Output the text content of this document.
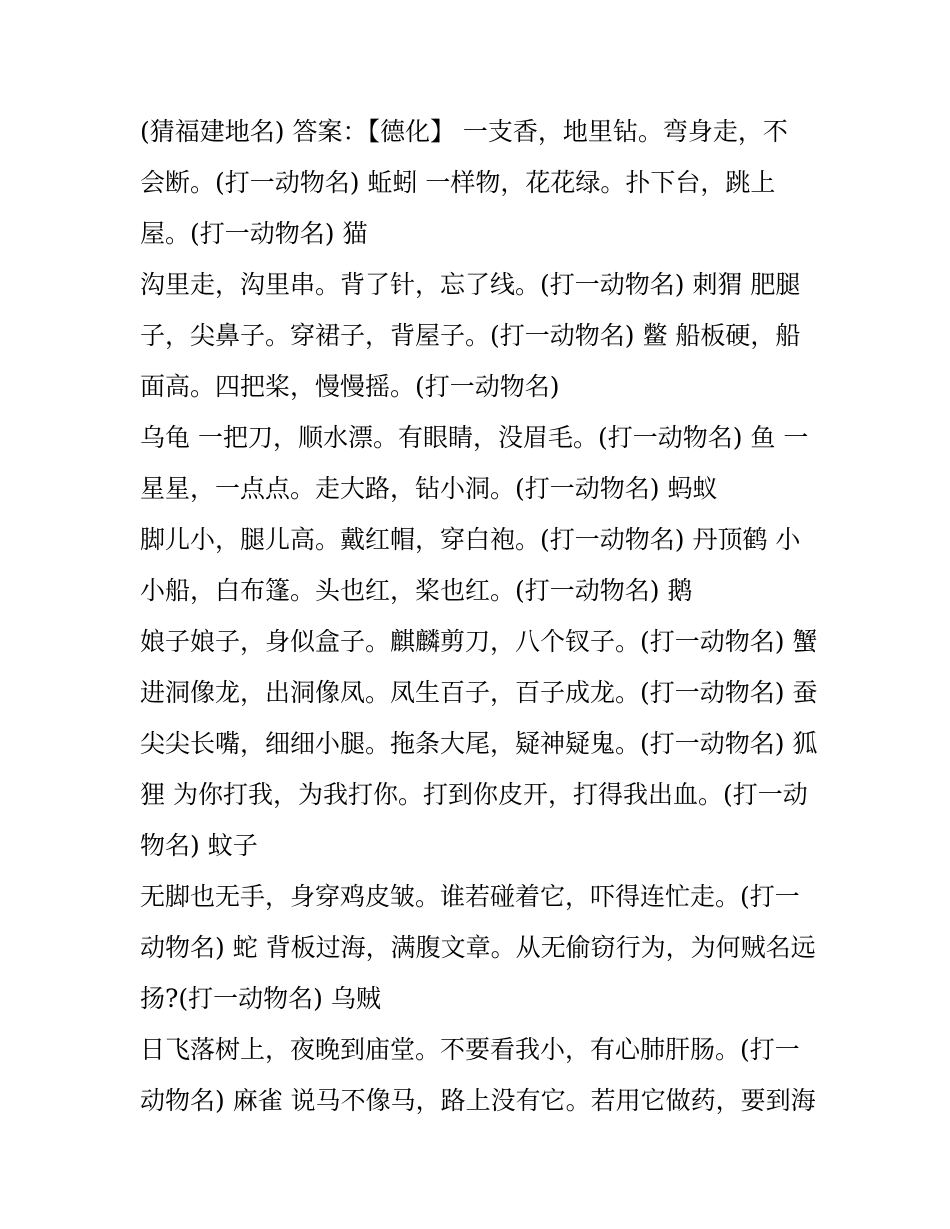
(猜福建地名) 答案：【德化】 一支香，地里钻。弯身走，不
会断。(打一动物名) 蚯蚓 一样物，花花绿。扑下台，跳上
屋。(打一动物名) 猫
沟里走，沟里串。背了针，忘了线。(打一动物名) 刺猬 肥腿
子，尖鼻子。穿裙子，背屋子。(打一动物名) 鳖 船板硬，船
面高。四把桨，慢慢摇。(打一动物名)
乌龟 一把刀，顺水漂。有眼睛，没眉毛。(打一动物名) 鱼 一
星星，一点点。走大路，钻小洞。(打一动物名) 蚂蚁
脚儿小，腿儿高。戴红帽，穿白袍。(打一动物名) 丹顶鹤 小
小船，白布篷。头也红，桨也红。(打一动物名) 鹅
娘子娘子，身似盒子。麒麟剪刀，八个钗子。(打一动物名) 蟹
进洞像龙，出洞像凤。凤生百子，百子成龙。(打一动物名) 蚕
尖尖长嘴，细细小腿。拖条大尾，疑神疑鬼。(打一动物名) 狐
狸 为你打我，为我打你。打到你皮开，打得我出血。(打一动
物名) 蚊子
无脚也无手，身穿鸡皮皱。谁若碰着它，吓得连忙走。(打一
动物名) 蛇 背板过海，满腹文章。从无偷窃行为，为何贼名远
扬?(打一动物名) 乌贼
日飞落树上，夜晚到庙堂。不要看我小，有心肺肝肠。(打一
动物名) 麻雀 说马不像马，路上没有它。若用它做药，要到海
